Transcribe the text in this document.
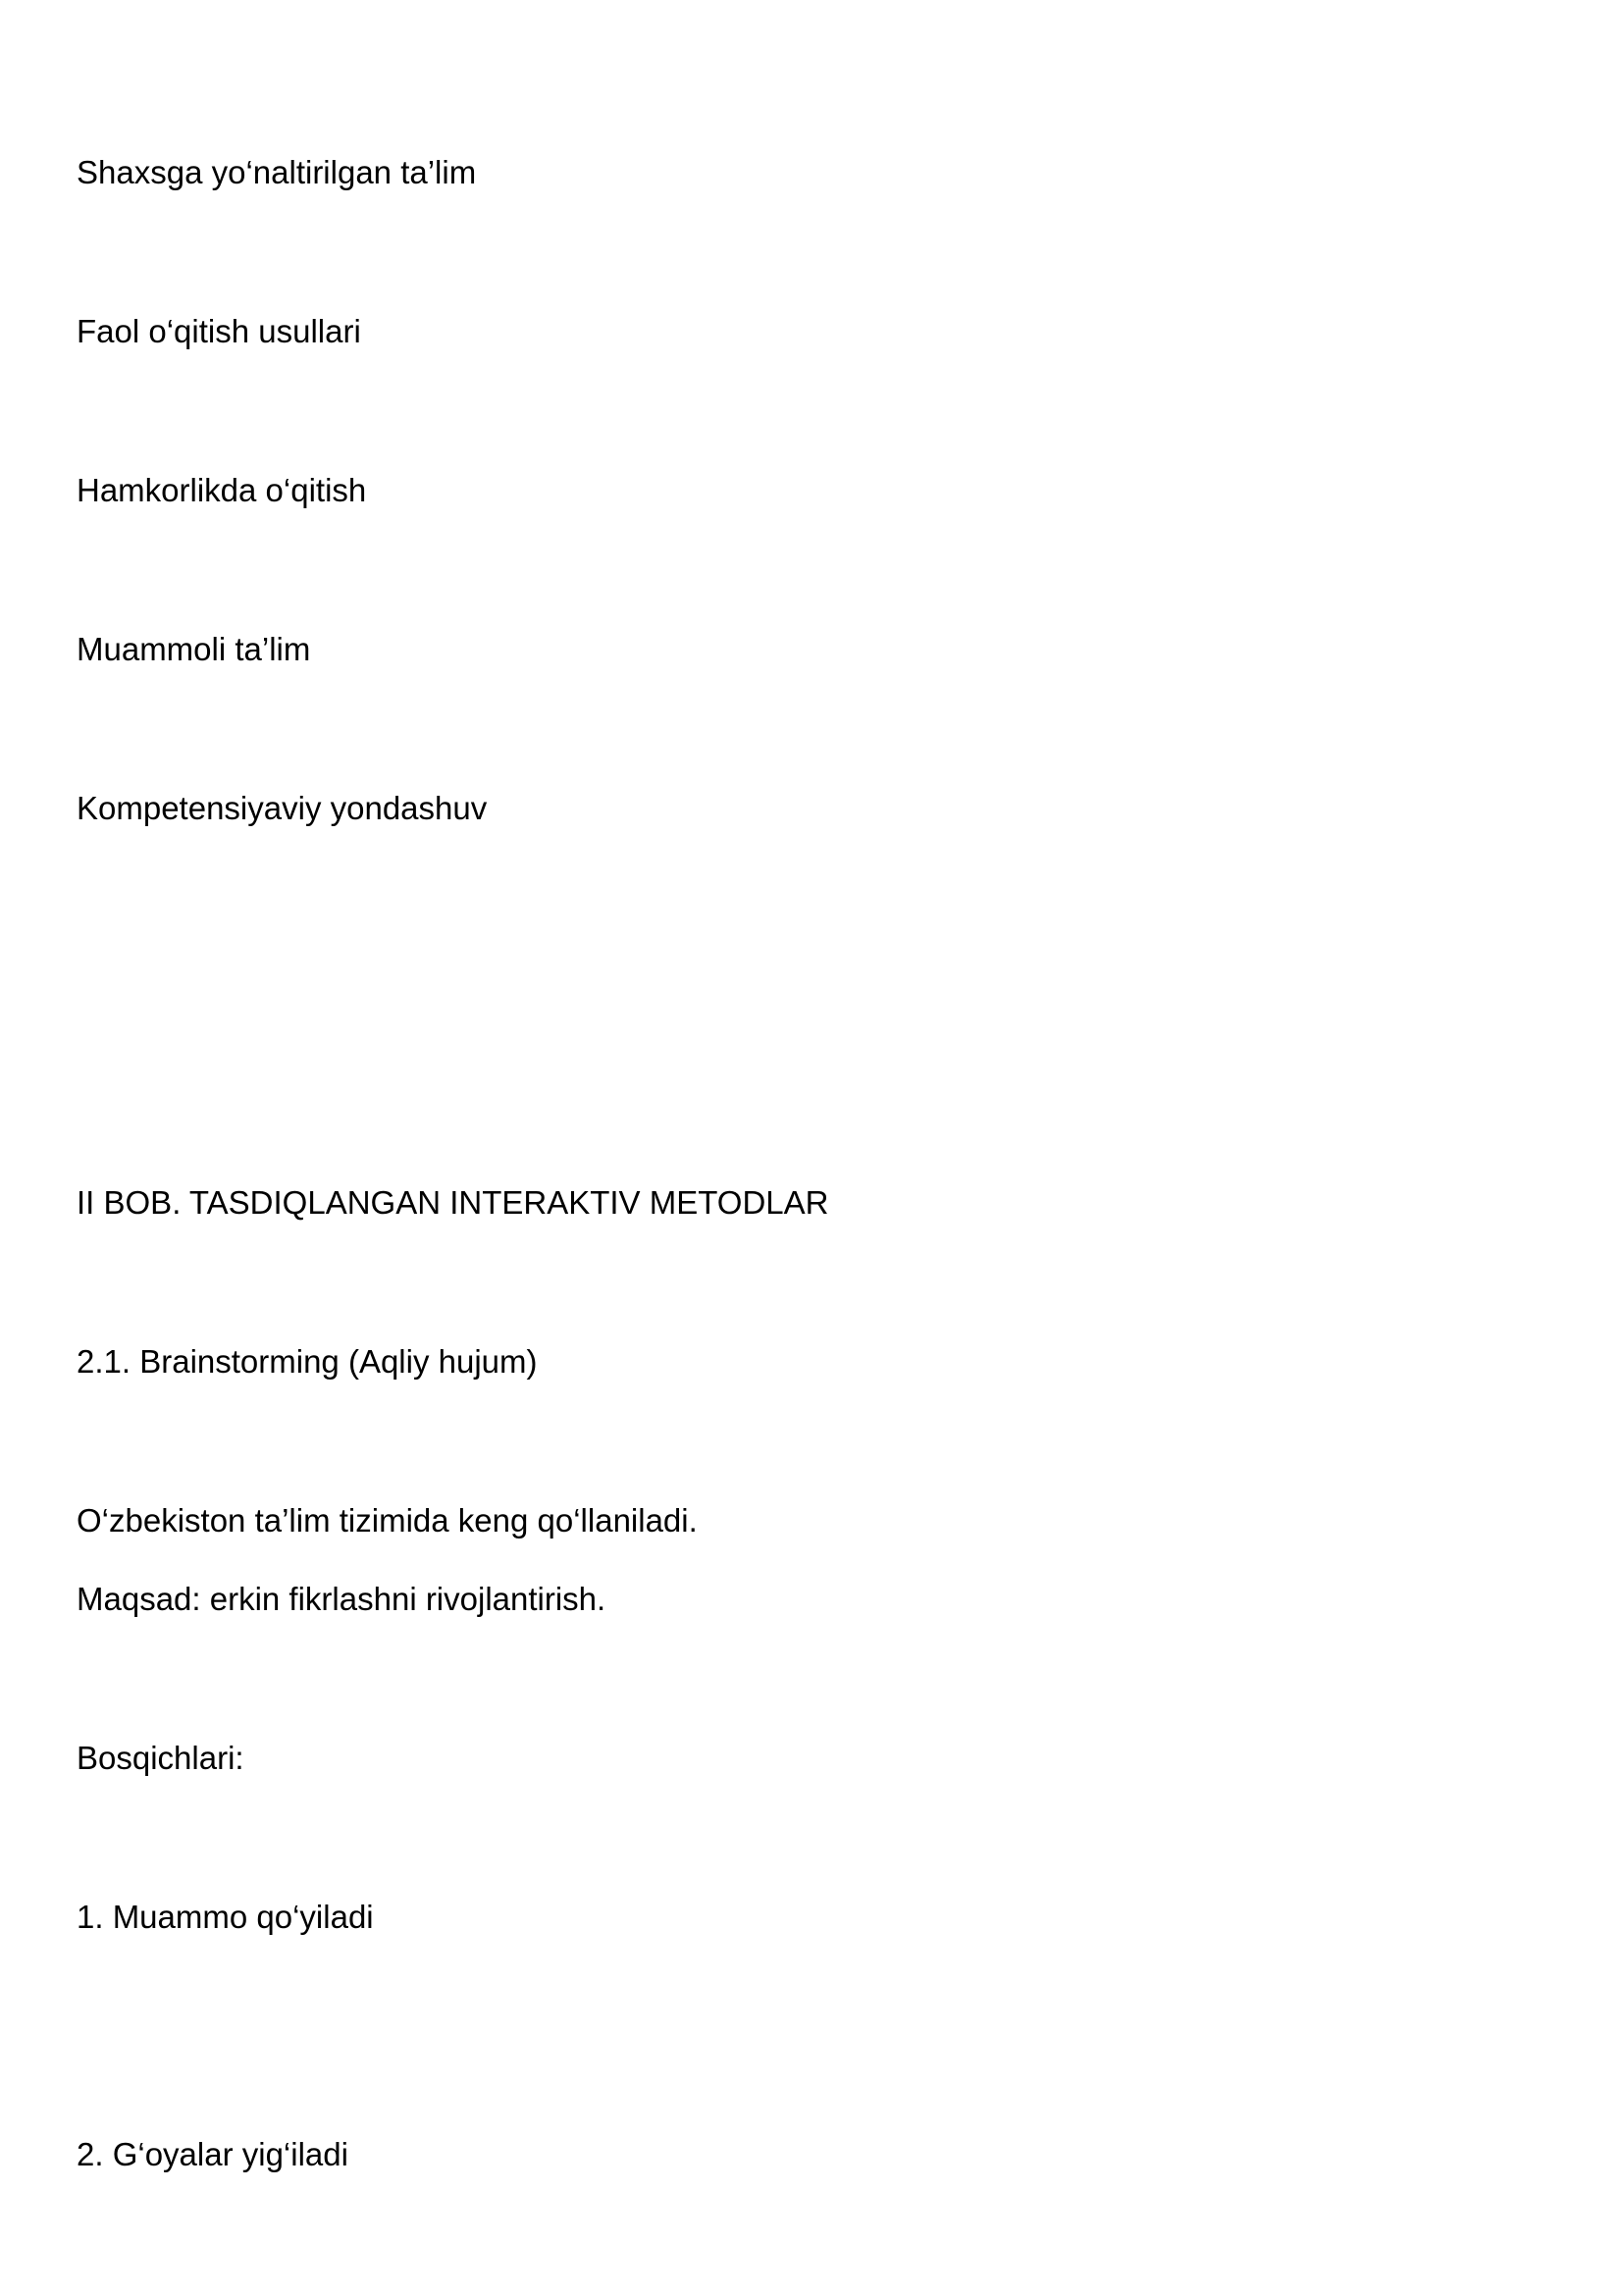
Shaxsga yo‘naltirilgan ta’lim

Faol o‘qitish usullari

Hamkorlikda o‘qitish

Muammoli ta’lim

Kompetensiyaviy yondashuv

II BOB. TASDIQLANGAN INTERAKTIV METODLAR
2.1. Brainstorming (Aqliy hujum)

O‘zbekiston ta’lim tizimida keng qo‘llaniladi.

Maqsad: erkin fikrlashni rivojlantirish.

Bosqichlari:

1. Muammo qo‘yiladi

2. G‘oyalar yig‘iladi
